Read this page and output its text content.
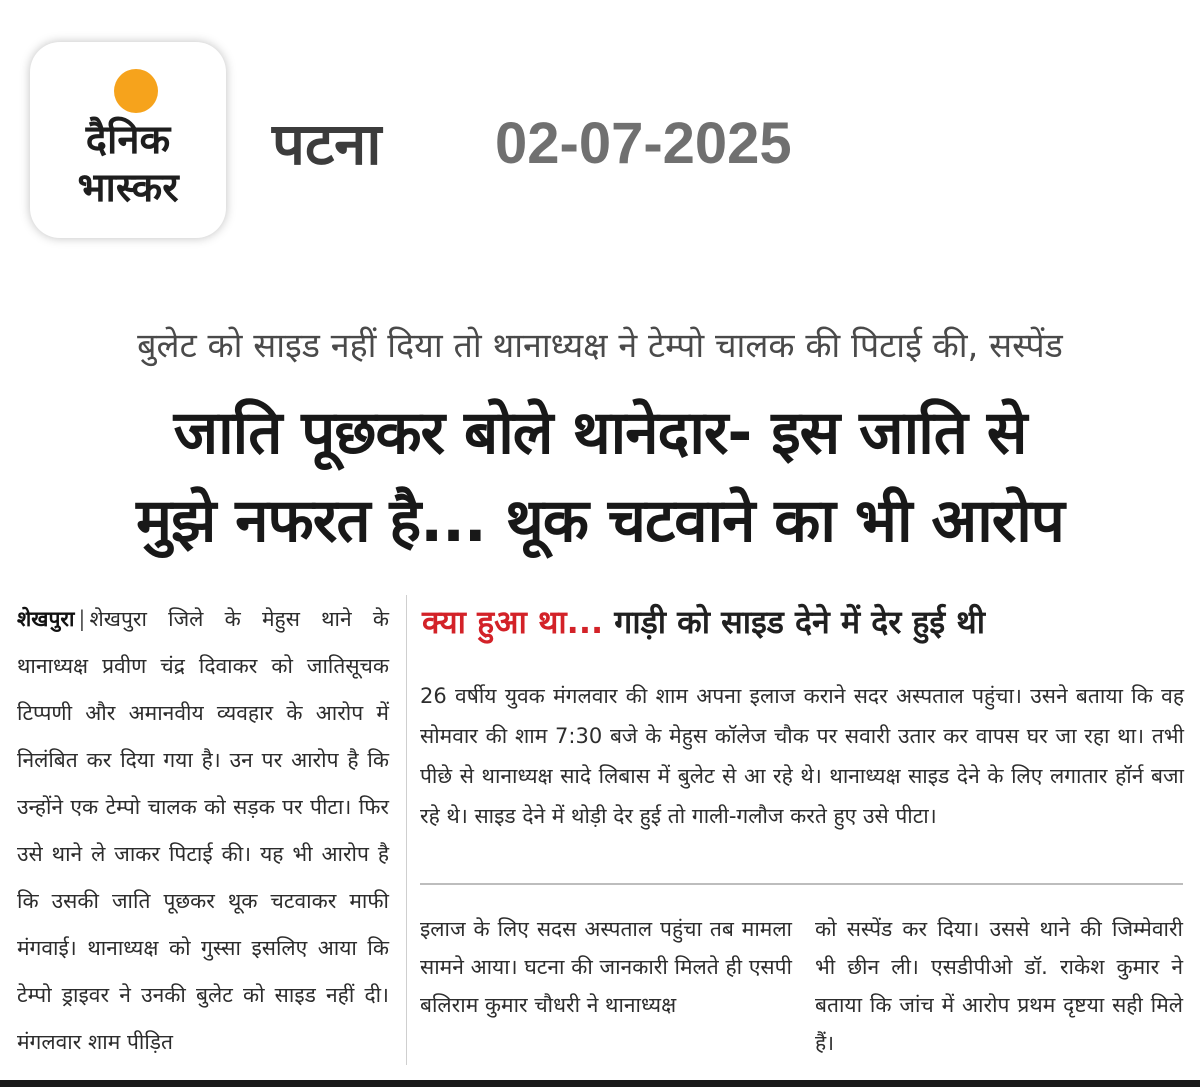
दैनिक
भास्कर
पटना 02-07-2025
बुलेट को साइड नहीं दिया तो थानाध्यक्ष ने टेम्पो चालक की पिटाई की, सस्पेंड
जाति पूछकर बोले थानेदार- इस जाति से
मुझे नफरत है... थूक चटवाने का भी आरोप
शेखपुरा | शेखपुरा जिले के मेहुस थाने के थानाध्यक्ष प्रवीण चंद्र दिवाकर को जातिसूचक टिप्पणी और अमानवीय व्यवहार के आरोप में निलंबित कर दिया गया है। उन पर आरोप है कि उन्होंने एक टेम्पो चालक को सड़क पर पीटा। फिर उसे थाने ले जाकर पिटाई की। यह भी आरोप है कि उसकी जाति पूछकर थूक चटवाकर माफी मंगवाई। थानाध्यक्ष को गुस्सा इसलिए आया कि टेम्पो ड्राइवर ने उनकी बुलेट को साइड नहीं दी। मंगलवार शाम पीड़ित
क्या हुआ था... गाड़ी को साइड देने में देर हुई थी
26 वर्षीय युवक मंगलवार की शाम अपना इलाज कराने सदर अस्पताल पहुंचा। उसने बताया कि वह सोमवार की शाम 7:30 बजे के मेहुस कॉलेज चौक पर सवारी उतार कर वापस घर जा रहा था। तभी पीछे से थानाध्यक्ष सादे लिबास में बुलेट से आ रहे थे। थानाध्यक्ष साइड देने के लिए लगातार हॉर्न बजा रहे थे। साइड देने में थोड़ी देर हुई तो गाली-गलौज करते हुए उसे पीटा।
इलाज के लिए सदस अस्पताल पहुंचा तब मामला सामने आया। घटना की जानकारी मिलते ही एसपी बलिराम कुमार चौधरी ने थानाध्यक्ष
को सस्पेंड कर दिया। उससे थाने की जिम्मेवारी भी छीन ली। एसडीपीओ डॉ. राकेश कुमार ने बताया कि जांच में आरोप प्रथम दृष्टया सही मिले हैं।
